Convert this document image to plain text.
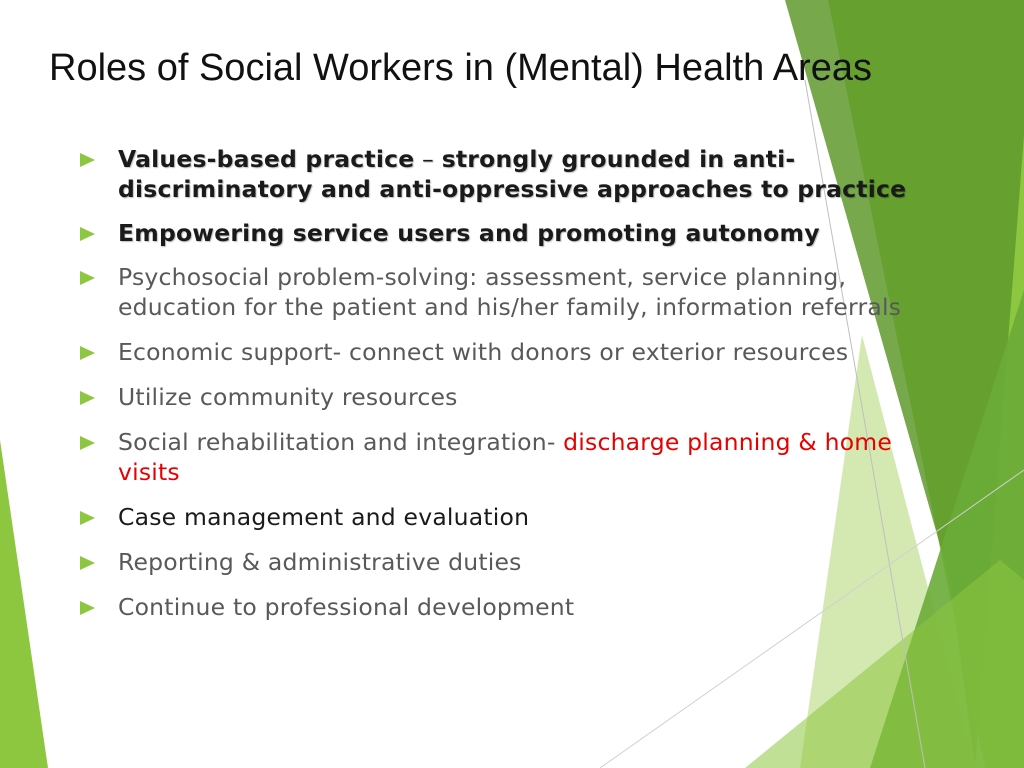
Roles of Social Workers in (Mental) Health Areas
Values-based practice – strongly grounded in anti-discriminatory and anti-oppressive approaches to practice
Empowering service users and promoting autonomy
Psychosocial problem-solving: assessment, service planning, education for the patient and his/her family, information referrals
Economic support- connect with donors or exterior resources
Utilize community resources
Social rehabilitation and integration- discharge planning & home visits
Case management and evaluation
Reporting & administrative duties
Continue to professional development
